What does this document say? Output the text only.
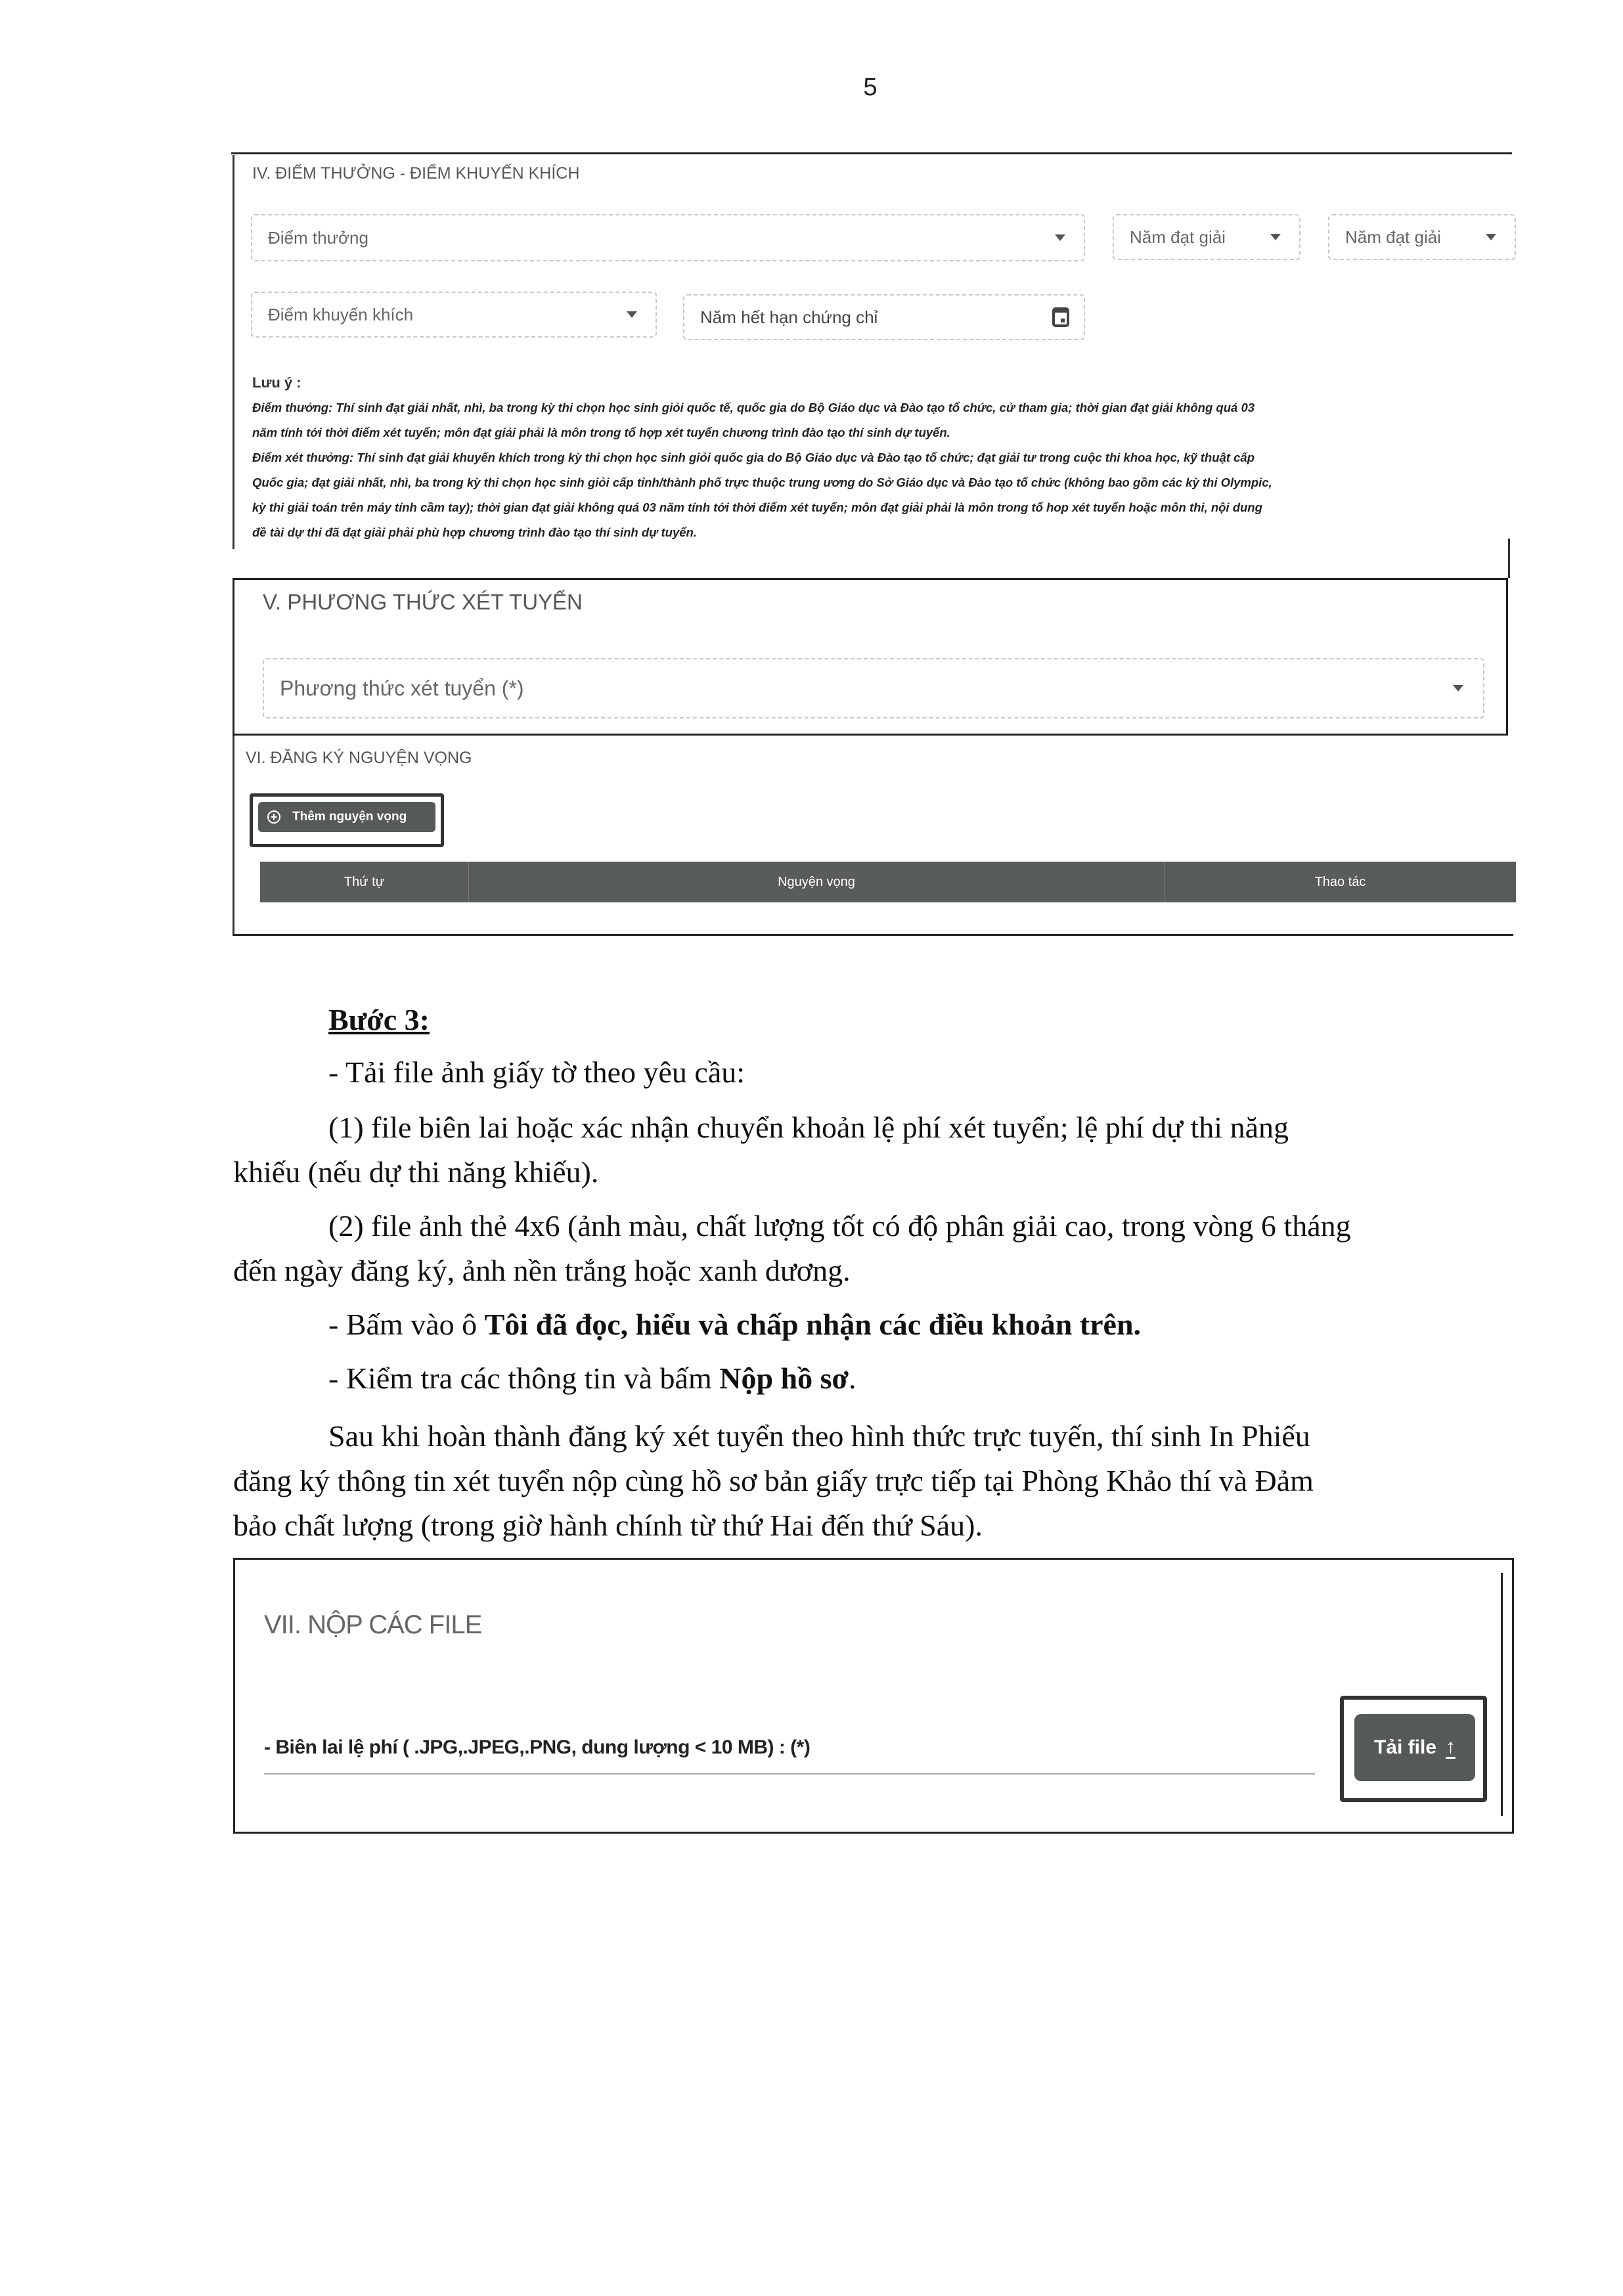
5
IV. ĐIỂM THƯỞNG - ĐIỂM KHUYẾN KHÍCH
Điểm thưởng	Năm đạt giải	Năm đạt giải
Điểm khuyến khích	Năm hết hạn chứng chỉ
Lưu ý :
Điểm thưởng: Thí sinh đạt giải nhất, nhì, ba trong kỳ thi chọn học sinh giỏi quốc tế, quốc gia do Bộ Giáo dục và Đào tạo tổ chức, cử tham gia; thời gian đạt giải không quá 03
năm tính tới thời điểm xét tuyển; môn đạt giải phải là môn trong tổ hợp xét tuyển chương trình đào tạo thí sinh dự tuyển.
Điểm xét thưởng: Thí sinh đạt giải khuyến khích trong kỳ thi chọn học sinh giỏi quốc gia do Bộ Giáo dục và Đào tạo tổ chức; đạt giải tư trong cuộc thi khoa học, kỹ thuật cấp
Quốc gia; đạt giải nhất, nhì, ba trong kỳ thi chọn học sinh giỏi cấp tỉnh/thành phố trực thuộc trung ương do Sở Giáo dục và Đào tạo tổ chức (không bao gồm các kỳ thi Olympic,
kỳ thi giải toán trên máy tính cầm tay); thời gian đạt giải không quá 03 năm tính tới thời điểm xét tuyển; môn đạt giải phải là môn trong tổ hop xét tuyển hoặc môn thi, nội dung
đề tài dự thi đã đạt giải phải phù hợp chương trình đào tạo thí sinh dự tuyển.
V. PHƯƠNG THỨC XÉT TUYỂN
Phương thức xét tuyển (*)
VI. ĐĂNG KÝ NGUYỆN VỌNG
+ Thêm nguyện vọng
Thứ tự	Nguyện vọng	Thao tác
Bước 3:
- Tải file ảnh giấy tờ theo yêu cầu:
(1) file biên lai hoặc xác nhận chuyển khoản lệ phí xét tuyển; lệ phí dự thi năng
khiếu (nếu dự thi năng khiếu).
(2) file ảnh thẻ 4x6 (ảnh màu, chất lượng tốt có độ phân giải cao, trong vòng 6 tháng
đến ngày đăng ký, ảnh nền trắng hoặc xanh dương.
- Bấm vào ô Tôi đã đọc, hiểu và chấp nhận các điều khoản trên.
- Kiểm tra các thông tin và bấm Nộp hồ sơ.
Sau khi hoàn thành đăng ký xét tuyển theo hình thức trực tuyến, thí sinh In Phiếu
đăng ký thông tin xét tuyển nộp cùng hồ sơ bản giấy trực tiếp tại Phòng Khảo thí và Đảm
bảo chất lượng (trong giờ hành chính từ thứ Hai đến thứ Sáu).
VII. NỘP CÁC FILE
- Biên lai lệ phí ( .JPG,.JPEG,.PNG, dung lượng < 10 MB) : (*)	Tải file ↑
